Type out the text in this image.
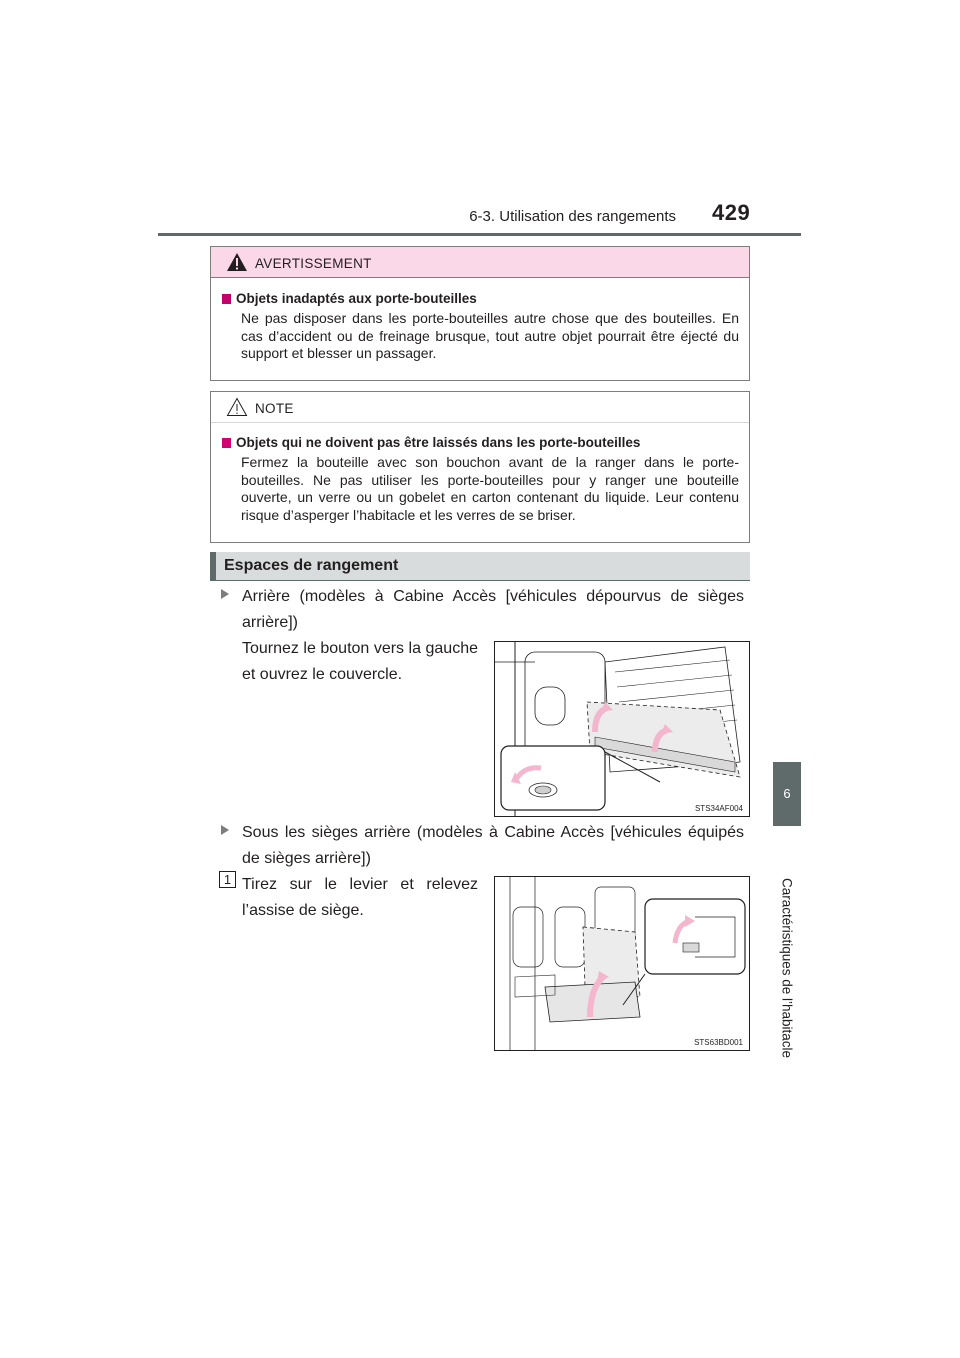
6-3. Utilisation des rangements 429
6
Caractéristiques de l’habitacle
AVERTISSEMENT
Objets inadaptés aux porte-bouteilles
Ne pas disposer dans les porte-bouteilles autre chose que des bouteilles. En cas d’accident ou de freinage brusque, tout autre objet pourrait être éjecté du support et blesser un passager.
NOTE
Objets qui ne doivent pas être laissés dans les porte-bouteilles
Fermez la bouteille avec son bouchon avant de la ranger dans le porte-bouteilles. Ne pas utiliser les porte-bouteilles pour y ranger une bouteille ouverte, un verre ou un gobelet en carton contenant du liquide. Leur contenu risque d’asperger l’habitacle et les verres de se briser.
Espaces de rangement
Arrière (modèles à Cabine Accès [véhicules dépourvus de sièges arrière])
Tournez le bouton vers la gauche et ouvrez le couvercle.
STS34AF004
Sous les sièges arrière (modèles à Cabine Accès [véhicules équipés de sièges arrière])
1 Tirez sur le levier et relevez l’assise de siège.
STS63BD001
